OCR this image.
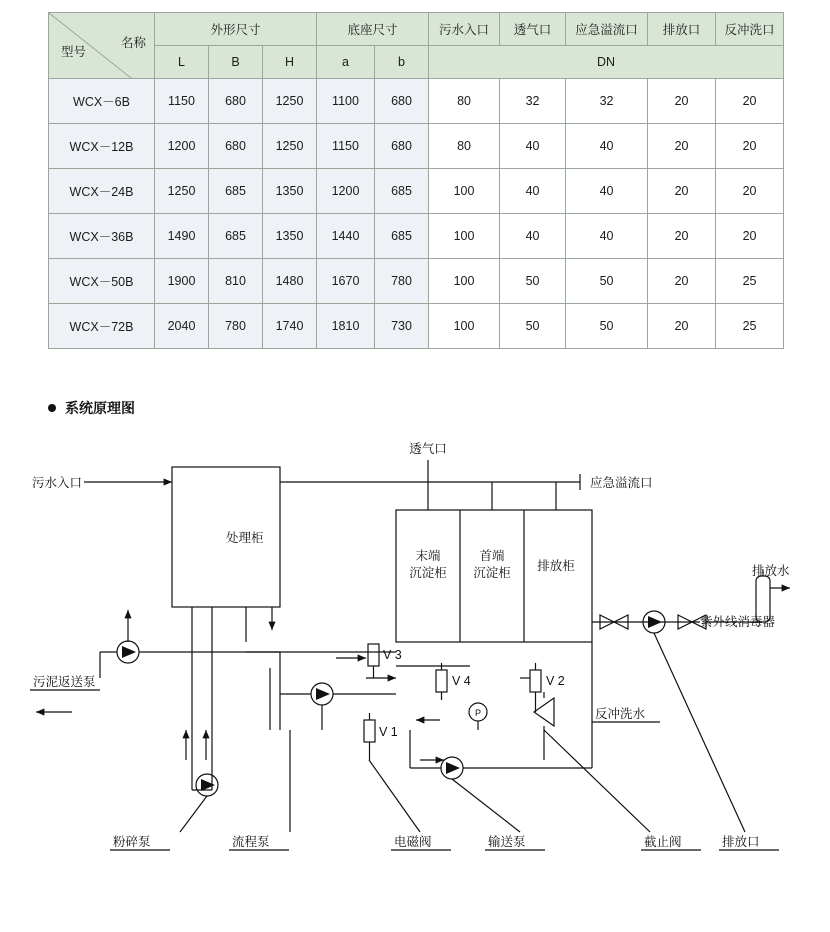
名称
型号	外形尺寸			底座尺寸		污水入口	透气口	应急溢流口	排放口	反冲洗口
	L	B	H	a	b	DN				
WCX－6B	1150	680	1250	1100	680	80	32	32	20	20
WCX－12B	1200	680	1250	1150	680	80	40	40	20	20
WCX－24B	1250	685	1350	1200	685	100	40	40	20	20
WCX－36B	1490	685	1350	1440	685	100	40	40	20	20
WCX－50B	1900	810	1480	1670	780	100	50	50	20	25
WCX－72B	2040	780	1740	1810	730	100	50	50	20	25
系统原理图
污水入口
透气口
应急溢流口
处理柜
末端
沉淀柜
首端
沉淀柜 排放柜	排放水
紫外线消毒器
污泥返送泵
反冲洗水
V 3
V 4	V 2
V 1
P
粉碎泵	流程泵	电磁阀	输送泵	截止阀	排放口
